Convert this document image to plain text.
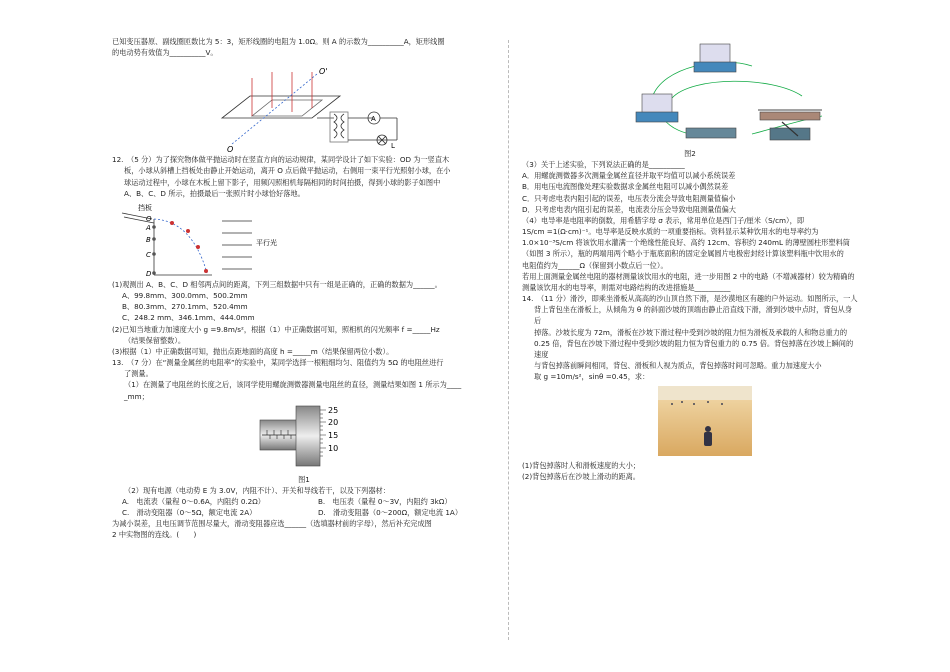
已知变压器原、副线圈匝数比为 5：3，矩形线圈的电阻为 1.0Ω。则 A 的示数为__________A，矩形线圈

的电动势有效值为__________V。

O'
O
A
L

12.　（5 分）为了探究物体做平抛运动时在竖直方向的运动规律，某同学设计了如下实验：OD 为一竖直木

板，小球从斜槽上挡板处由静止开始运动，离开 O 点后做平抛运动，右侧用一束平行光照射小球，在小

球运动过程中，小球在木板上留下影子，用频闪照相机每隔相同的时间拍摄，得到小球的影子如图中

A、B、C、D 所示，拍摄最后一张照片时小球恰好落地。

挡板
O
A
B
C
D
平行光

(1)观测出 A、B、C、D 相邻两点间的距离，下列三组数据中只有一组是正确的，正确的数据为______。

A、99.8mm、300.0mm、500.2mm

B、80.3mm、270.1mm、520.4mm

C、248.2 mm、346.1mm、444.0mm

(2)已知当地重力加速度大小 g =9.8m/s²，根据（1）中正确数据可知，照相机的闪光频率 f =_____Hz

（结果保留整数）。

(3)根据（1）中正确数据可知，抛出点距地面的高度 h =_____m（结果保留两位小数）。

13.　（7 分）在“测量金属丝的电阻率”的实验中，某同学选择一根粗细均匀、阻值约为 5Ω 的电阻丝进行

了测量。

（1）在测量了电阻丝的长度之后，该同学使用螺旋测微器测量电阻丝的直径，测量结果如图 1 所示为____

_mm；

25
20
15
10

图1

（2）现有电源（电动势 E 为 3.0V，内阻不计）、开关和导线若干，以及下列器材：

A.　电流表（量程 0～0.6A，内阻约 0.2Ω）	B.　电压表（量程 0～3V，内阻约 3kΩ）

C.　滑动变阻器（0～5Ω，额定电流 2A）	D.　滑动变阻器（0～200Ω，额定电流 1A）

为减小误差，且电压调节范围尽量大，滑动变阻器应选______（选填器材前的字母），然后补充完成图

2 中实物图的连线。(　　)

图2

（3）关于上述实验，下列说法正确的是__________

A．用螺旋测微器多次测量金属丝直径并取平均值可以减小系统误差

B．用电压电流图像处理实验数据求金属丝电阻可以减小偶然误差

C．只考虑电表内阻引起的误差，电压表分流会导致电阻测量值偏小

D．只考虑电表内阻引起的误差，电流表分压会导致电阻测量值偏大

（4）电导率是电阻率的倒数，用希腊字母 σ 表示，常用单位是西门子/厘米（S/cm），即

1S/cm =1(Ω·cm)⁻¹。电导率是反映水质的一项重要指标。资料显示某种饮用水的电导率约为

1.0×10⁻³S/cm 将该饮用水灌满一个绝缘性能良好、高约 12cm、容积约 240mL 的薄壁圆柱形塑料筒

（如图 3 所示），瓶的两端用两个略小于瓶底面积的固定金属圆片电极密封经计算该塑料瓶中饮用水的

电阻值约为______Ω（保留到小数点后一位）。

若用上面测量金属丝电阻的器材测量该饮用水的电阻，进一步用图 2 中的电路（不增减器材）较为精确的

测量该饮用水的电导率，则需对电路结构的改进措施是__________

14.　（11 分）滑沙，即乘坐滑板从高高的沙山顶自然下滑，是沙漠地区有趣的户外运动。如图所示，一人

背上背包坐在滑板上，从倾角为 θ 的斜面沙坡的顶端由静止沿直线下滑，滑到沙坡中点时，背包从身后

掉落。沙坡长度为 72m，滑板在沙坡下滑过程中受到沙坡的阻力恒为滑板及承载的人和物总重力的

0.25 倍，背包在沙坡下滑过程中受到沙坡的阻力恒为背包重力的 0.75 倍。背包掉落在沙坡上瞬间的速度

与背包掉落前瞬间相同，背包、滑板和人视为质点，背包掉落时间可忽略。重力加速度大小

取 g =10m/s²，sinθ =0.45，求：

(1)背包掉落时人和滑板速度的大小；

(2)背包掉落后在沙坡上滑动的距离。
